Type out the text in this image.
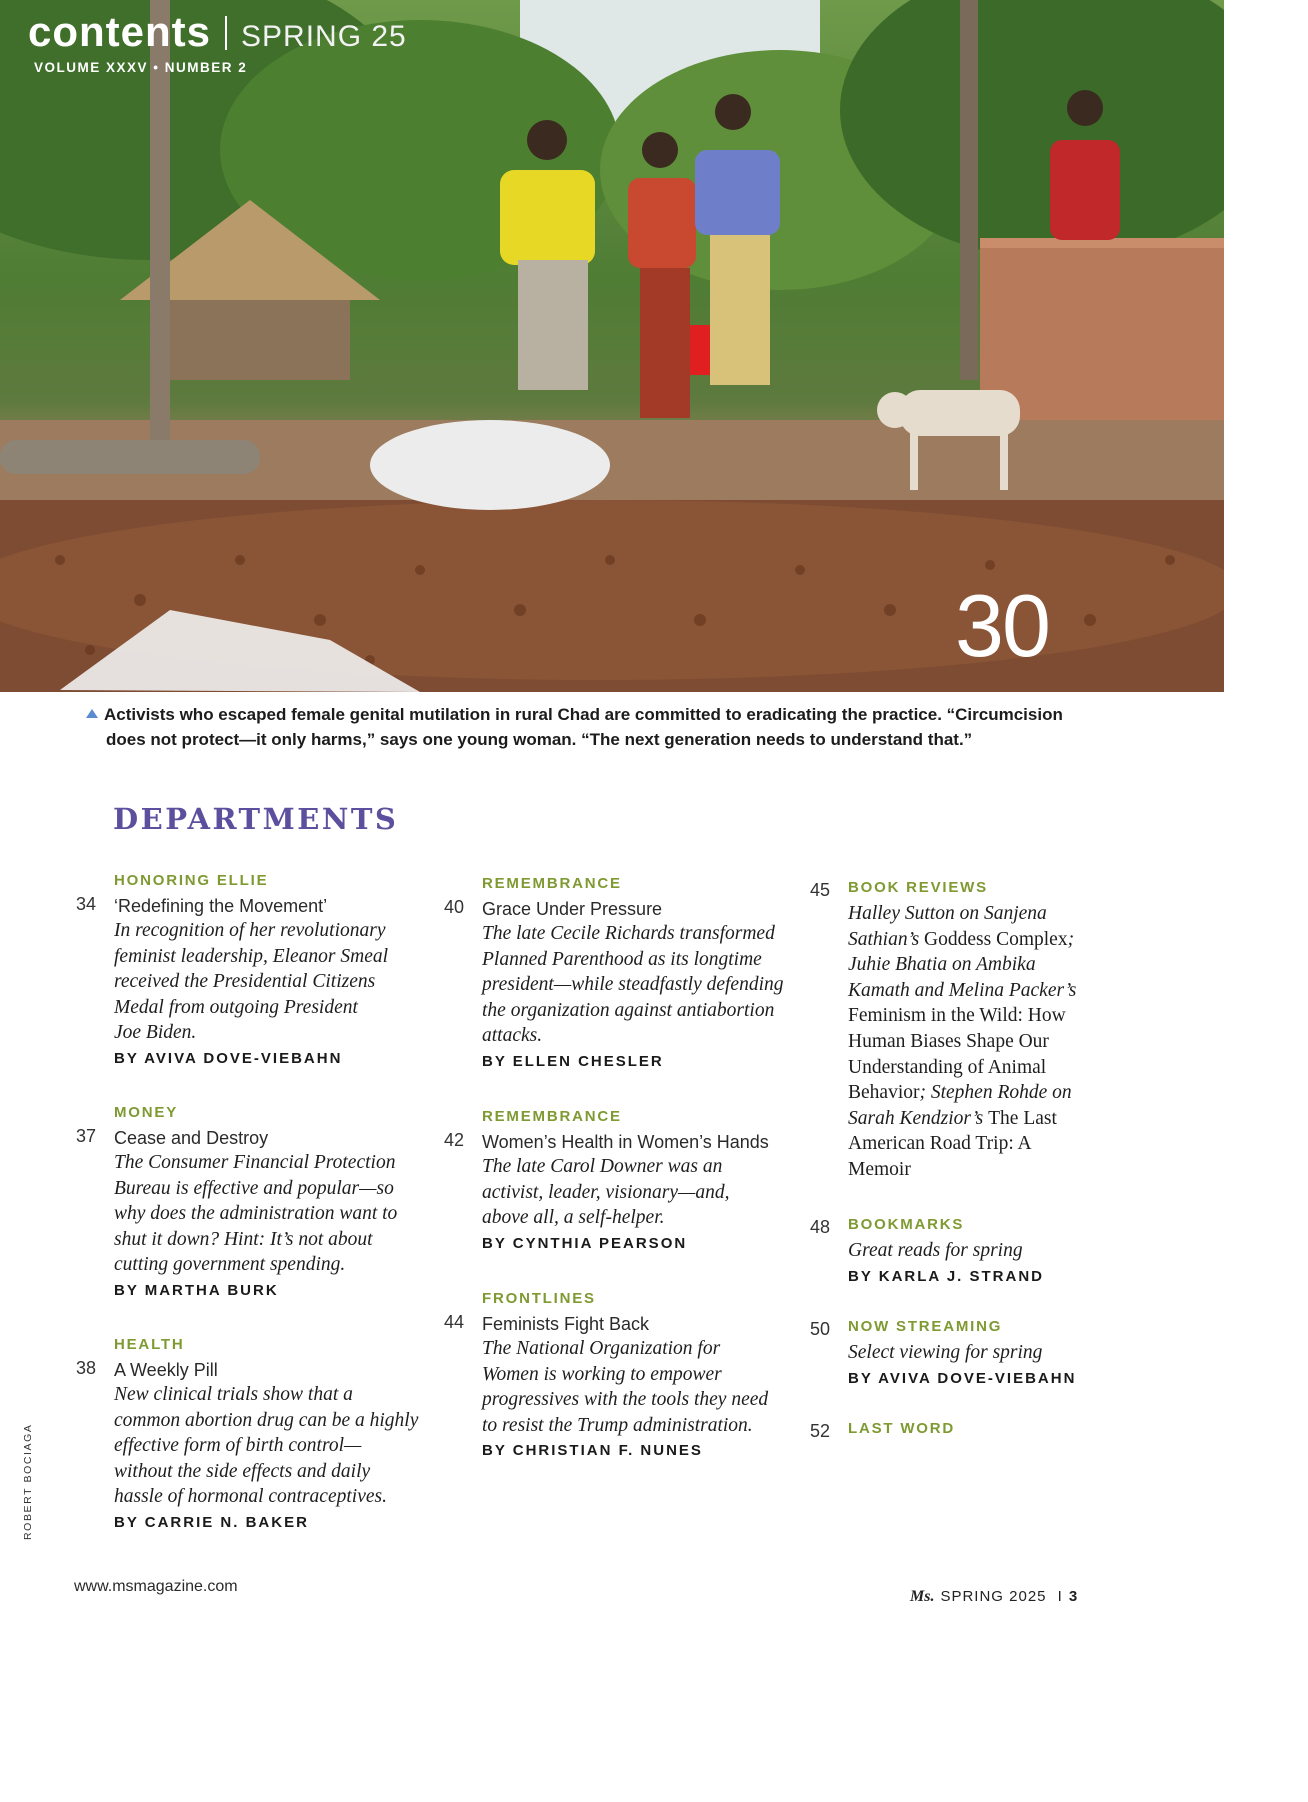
contents SPRING 25
VOLUME XXXV • NUMBER 2
30
Activists who escaped female genital mutilation in rural Chad are committed to eradicating the practice. “Circumcision
does not protect—it only harms,” says one young woman. “The next generation needs to understand that.”
DEPARTMENTS
HONORING ELLIE
34 ‘Redefining the Movement’
In recognition of her revolutionary
feminist leadership, Eleanor Smeal
received the Presidential Citizens
Medal from outgoing President
Joe Biden.
BY AVIVA DOVE-VIEBAHN
MONEY
37 Cease and Destroy
The Consumer Financial Protection
Bureau is effective and popular—so
why does the administration want to
shut it down? Hint: It’s not about
cutting government spending.
BY MARTHA BURK
HEALTH
38 A Weekly Pill
New clinical trials show that a
common abortion drug can be a highly
effective form of birth control—
without the side effects and daily
hassle of hormonal contraceptives.
BY CARRIE N. BAKER
REMEMBRANCE
40 Grace Under Pressure
The late Cecile Richards transformed
Planned Parenthood as its longtime
president—while steadfastly defending
the organization against antiabortion
attacks.
BY ELLEN CHESLER
REMEMBRANCE
42 Women’s Health in Women’s Hands
The late Carol Downer was an
activist, leader, visionary—and,
above all, a self-helper.
BY CYNTHIA PEARSON
FRONTLINES
44 Feminists Fight Back
The National Organization for
Women is working to empower
progressives with the tools they need
to resist the Trump administration.
BY CHRISTIAN F. NUNES
45	BOOK REVIEWS
Halley Sutton on Sanjena
Sathian’s Goddess Complex;
Juhie Bhatia on Ambika
Kamath and Melina Packer’s
Feminism in the Wild: How
Human Biases Shape Our
Understanding of Animal
Behavior; Stephen Rohde on
Sarah Kendzior’s The Last
American Road Trip: A
Memoir
48	BOOKMARKS
Great reads for spring
BY KARLA J. STRAND
50	NOW STREAMING
Select viewing for spring
BY AVIVA DOVE-VIEBAHN
52	LAST WORD
ROBERT BOCIAGA
www.msmagazine.com
Ms. SPRING 2025 I 3
